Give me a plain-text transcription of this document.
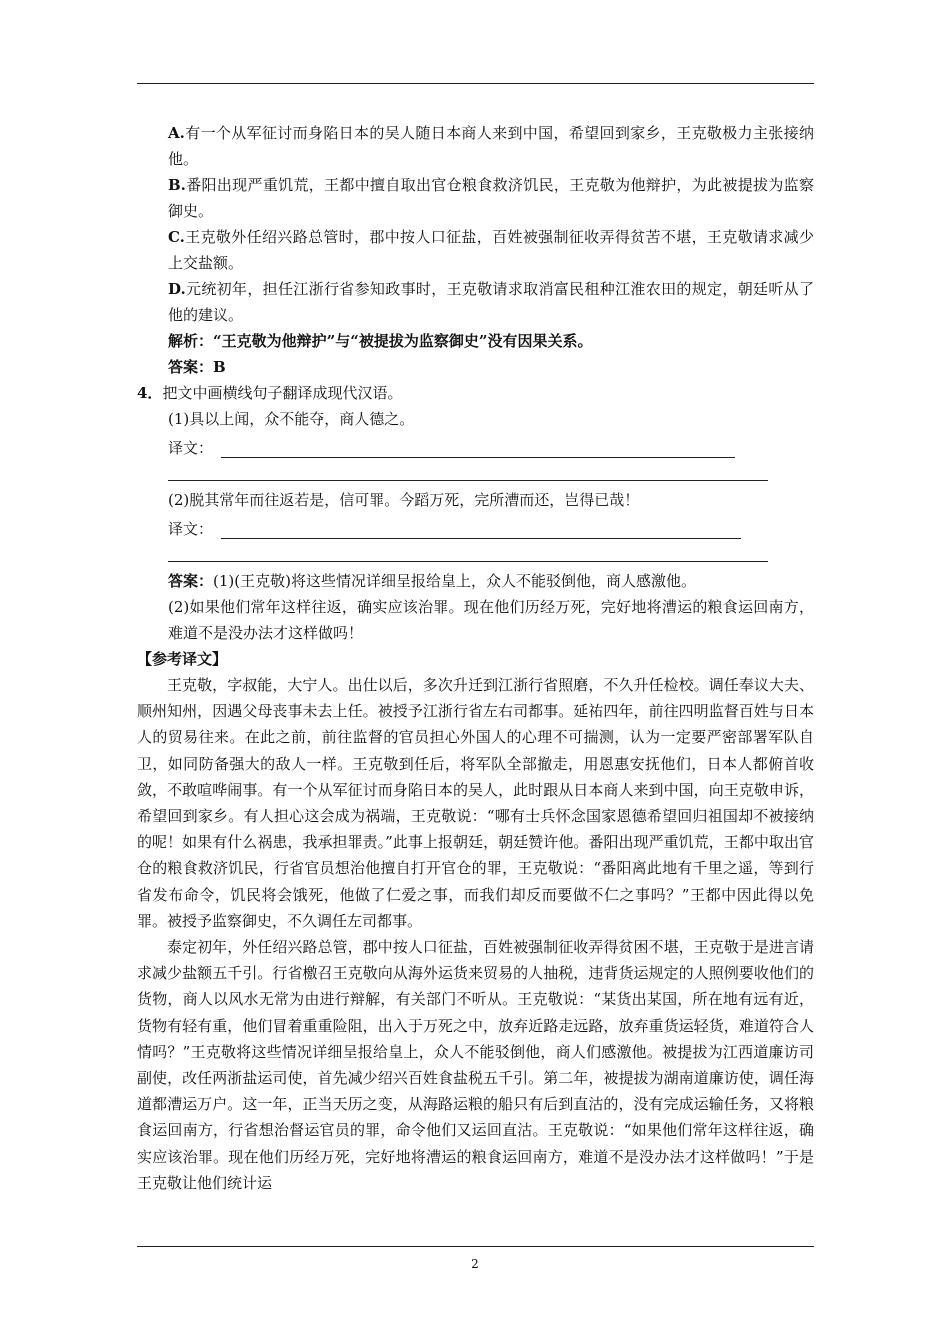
A.有一个从军征讨而身陷日本的吴人随日本商人来到中国，希望回到家乡，王克敬极力主张接纳他。

B.番阳出现严重饥荒，王都中擅自取出官仓粮食救济饥民，王克敬为他辩护，为此被提拔为监察御史。

C.王克敬外任绍兴路总管时，郡中按人口征盐，百姓被强制征收弄得贫苦不堪，王克敬请求减少上交盐额。

D.元统初年，担任江浙行省参知政事时，王克敬请求取消富民租种江淮农田的规定，朝廷听从了他的建议。

解析：“王克敬为他辩护”与“被提拔为监察御史”没有因果关系。

答案：B

4．把文中画横线句子翻译成现代汉语。

(1)具以上闻，众不能夺，商人德之。

译文：

(2)脱其常年而往返若是，信可罪。今蹈万死，完所漕而还，岂得已哉！

译文：

答案：(1)(王克敬)将这些情况详细呈报给皇上，众人不能驳倒他，商人感激他。

(2)如果他们常年这样往返，确实应该治罪。现在他们历经万死，完好地将漕运的粮食运回南方，难道不是没办法才这样做吗！

【参考译文】

王克敬，字叔能，大宁人。出仕以后，多次升迁到江浙行省照磨，不久升任检校。调任奉议大夫、顺州知州，因遇父母丧事未去上任。被授予江浙行省左右司都事。延祐四年，前往四明监督百姓与日本人的贸易往来。在此之前，前往监督的官员担心外国人的心理不可揣测，认为一定要严密部署军队自卫，如同防备强大的敌人一样。王克敬到任后，将军队全部撤走，用恩惠安抚他们，日本人都俯首收敛，不敢喧哗闹事。有一个从军征讨而身陷日本的吴人，此时跟从日本商人来到中国，向王克敬申诉，希望回到家乡。有人担心这会成为祸端，王克敬说：“哪有士兵怀念国家恩德希望回归祖国却不被接纳的呢！如果有什么祸患，我承担罪责。”此事上报朝廷，朝廷赞许他。番阳出现严重饥荒，王都中取出官仓的粮食救济饥民，行省官员想治他擅自打开官仓的罪，王克敬说：“番阳离此地有千里之遥，等到行省发布命令，饥民将会饿死，他做了仁爱之事，而我们却反而要做不仁之事吗？”王都中因此得以免罪。被授予监察御史，不久调任左司都事。

泰定初年，外任绍兴路总管，郡中按人口征盐，百姓被强制征收弄得贫困不堪，王克敬于是进言请求减少盐额五千引。行省檄召王克敬向从海外运货来贸易的人抽税，违背货运规定的人照例要收他们的货物，商人以风水无常为由进行辩解，有关部门不听从。王克敬说：“某货出某国，所在地有远有近，货物有轻有重，他们冒着重重险阻，出入于万死之中，放弃近路走远路，放弃重货运轻货，难道符合人情吗？”王克敬将这些情况详细呈报给皇上，众人不能驳倒他，商人们感激他。被提拔为江西道廉访司副使，改任两浙盐运司使，首先减少绍兴百姓食盐税五千引。第二年，被提拔为湖南道廉访使，调任海道都漕运万户。这一年，正当天历之变，从海路运粮的船只有后到直沽的，没有完成运输任务，又将粮食运回南方，行省想治督运官员的罪，命令他们又运回直沽。王克敬说：“如果他们常年这样往返，确实应该治罪。现在他们历经万死，完好地将漕运的粮食运回南方，难道不是没办法才这样做吗！”于是王克敬让他们统计运

2
